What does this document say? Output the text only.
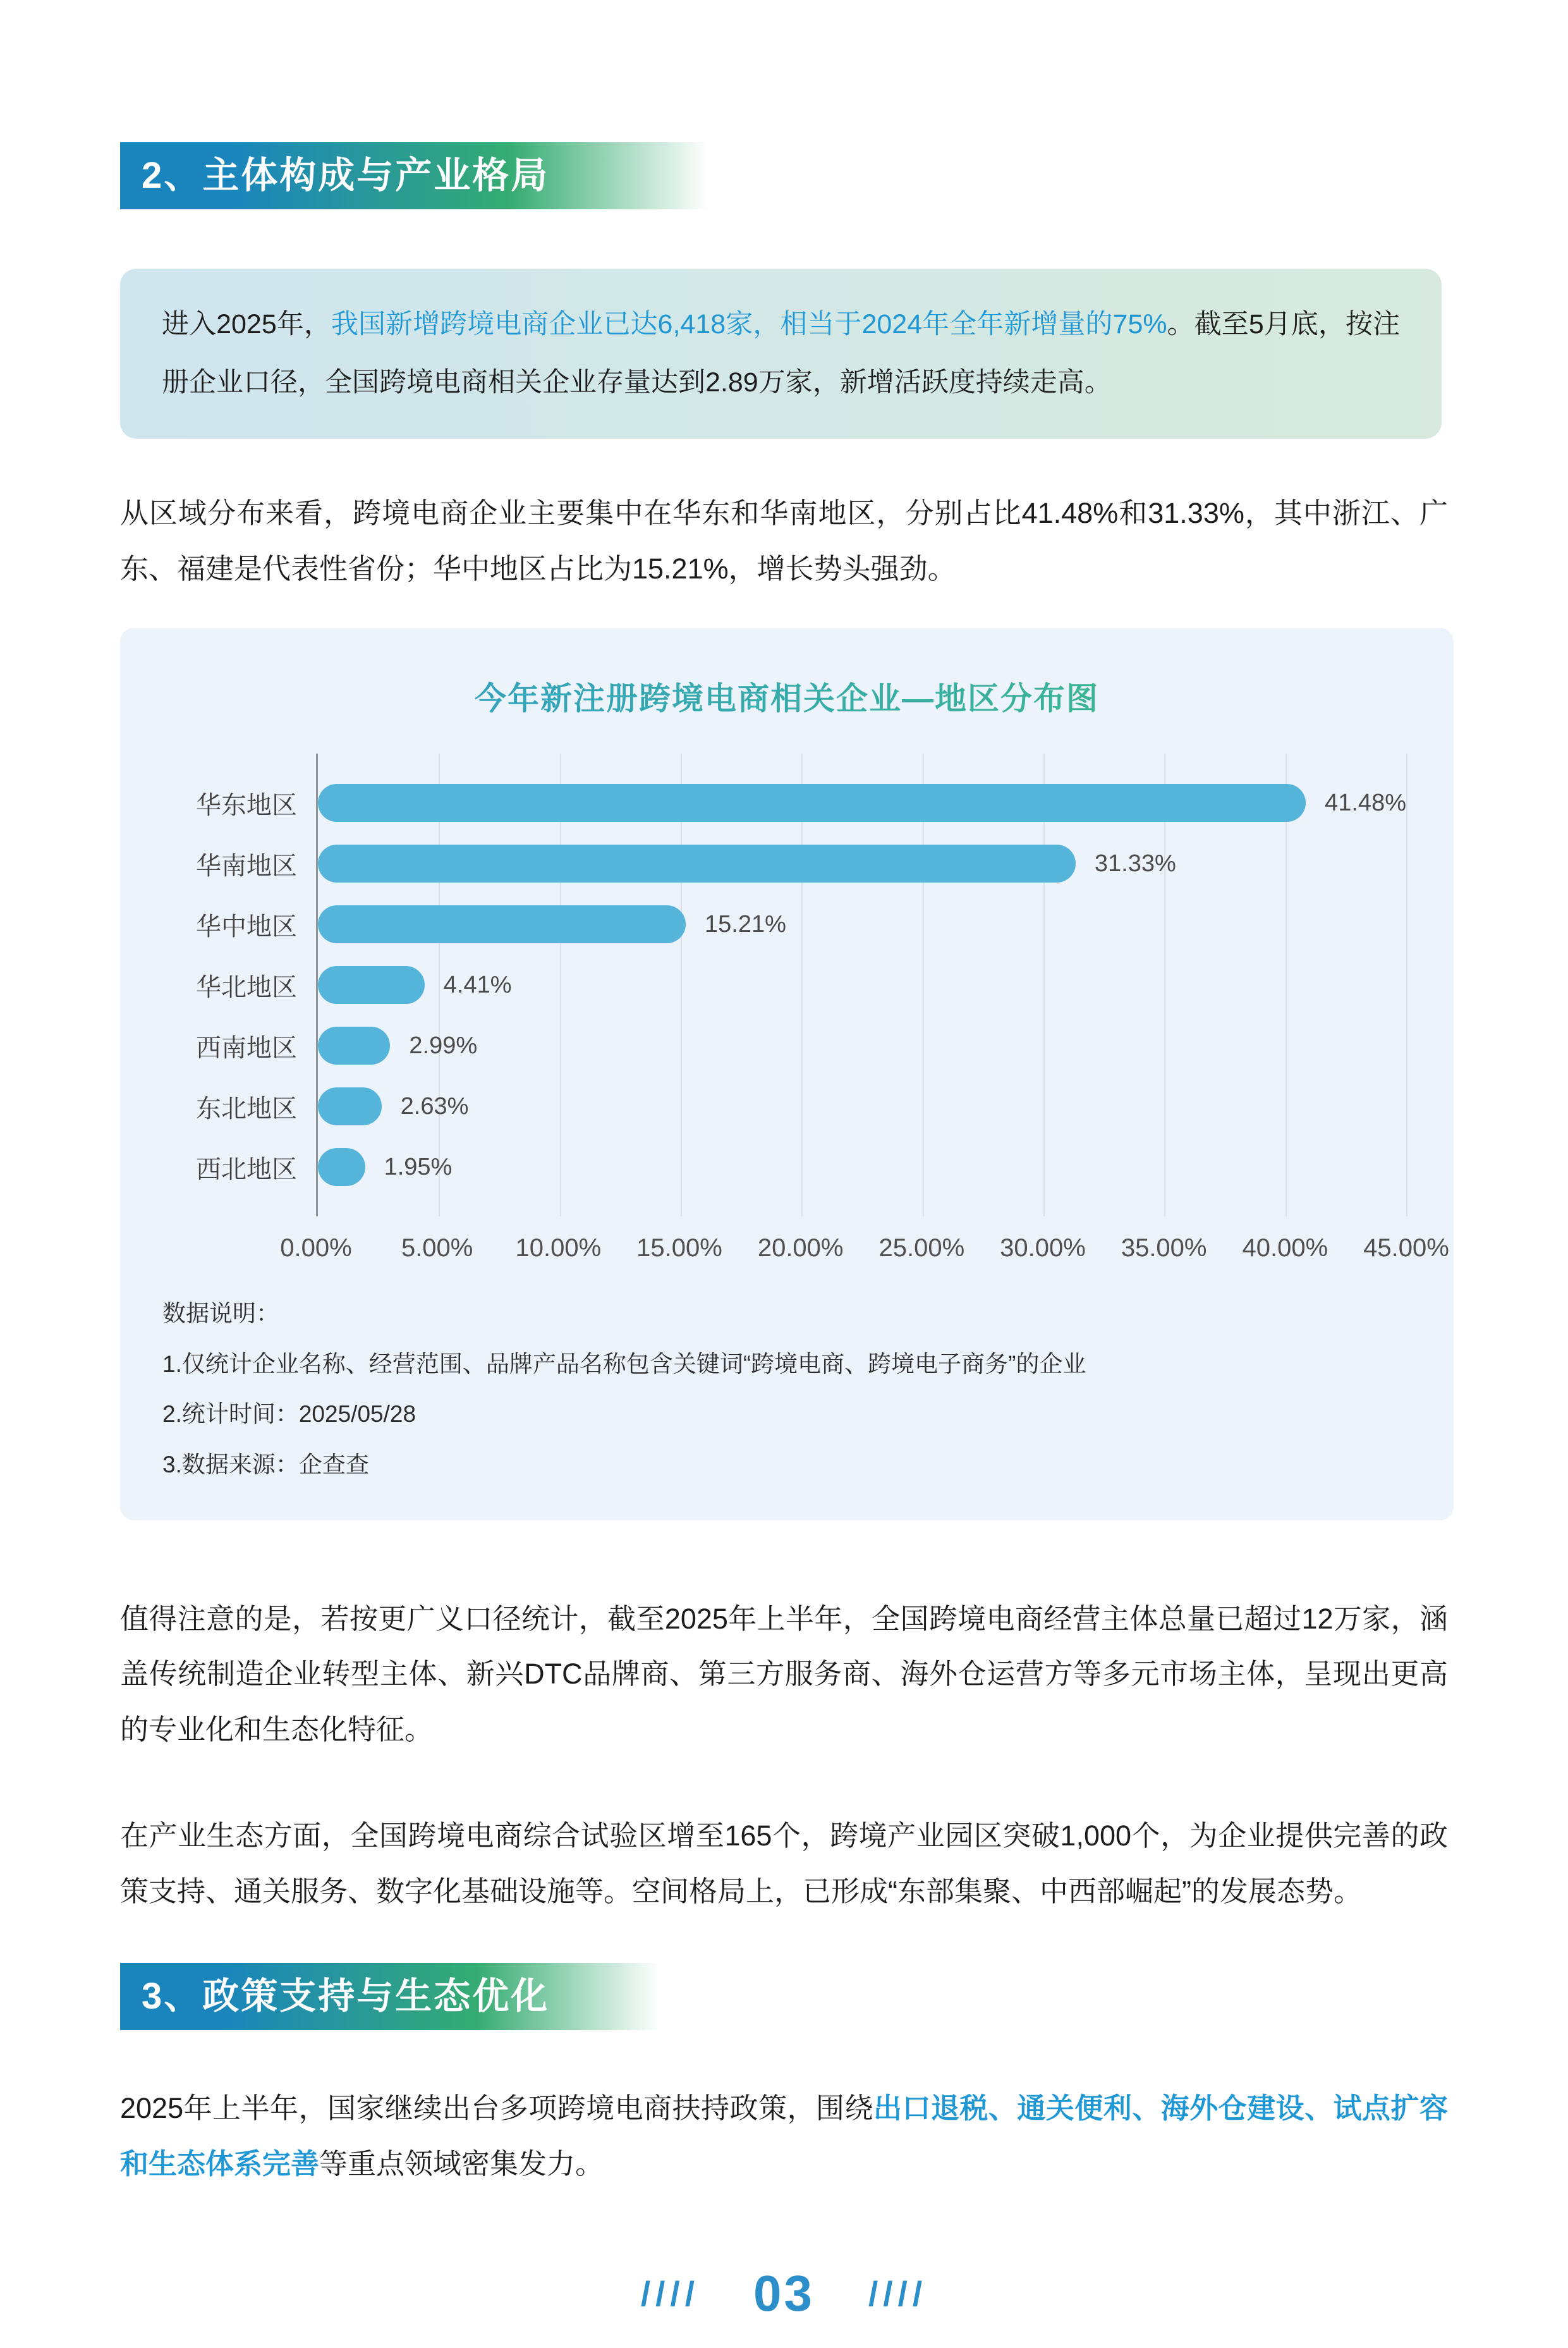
2、主体构成与产业格局

进入2025年，我国新增跨境电商企业已达6,418家，相当于2024年全年新增量的75%。截至5月底，按注册企业口径，全国跨境电商相关企业存量达到2.89万家，新增活跃度持续走高。

从区域分布来看，跨境电商企业主要集中在华东和华南地区，分别占比41.48%和31.33%，其中浙江、广东、福建是代表性省份；华中地区占比为15.21%，增长势头强劲。

今年新注册跨境电商相关企业—地区分布图
华东地区
华南地区
华中地区
华北地区
西南地区
东北地区
西北地区
41.48%
31.33%
15.21%
4.41%
2.99%
2.63%
1.95%
0.00% 5.00% 10.00% 15.00% 20.00% 25.00% 30.00% 35.00% 40.00% 45.00%

数据说明：

1.仅统计企业名称、经营范围、品牌产品名称包含关键词“跨境电商、跨境电子商务”的企业

2.统计时间：2025/05/28

3.数据来源：企查查

值得注意的是，若按更广义口径统计，截至2025年上半年，全国跨境电商经营主体总量已超过12万家，涵盖传统制造企业转型主体、新兴DTC品牌商、第三方服务商、海外仓运营方等多元市场主体，呈现出更高的专业化和生态化特征。

在产业生态方面，全国跨境电商综合试验区增至165个，跨境产业园区突破1,000个，为企业提供完善的政策支持、通关服务、数字化基础设施等。空间格局上，已形成“东部集聚、中西部崛起”的发展态势。

3、政策支持与生态优化

2025年上半年，国家继续出台多项跨境电商扶持政策，围绕出口退税、通关便利、海外仓建设、试点扩容和生态体系完善等重点领域密集发力。

//// 03 ////
